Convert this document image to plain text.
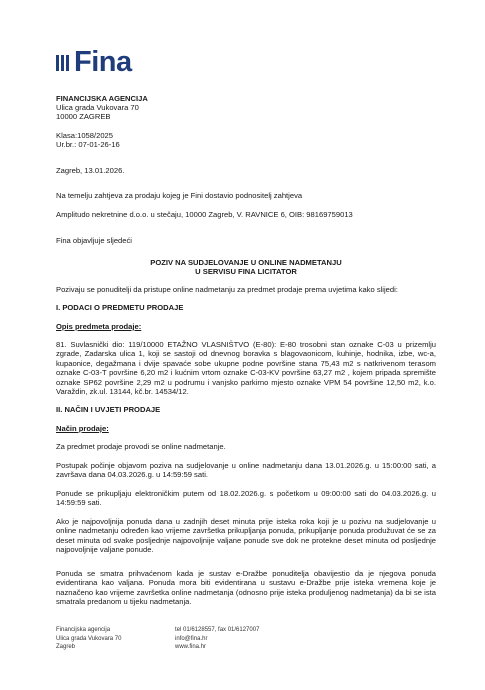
Fina
FINANCIJSKA AGENCIJA
Ulica grada Vukovara 70
10000 ZAGREB
Klasa:1058/2025
Ur.br.: 07-01-26-16
Zagreb, 13.01.2026.
Na temelju zahtjeva za prodaju kojeg je Fini dostavio podnositelj zahtjeva
Amplitudo nekretnine d.o.o. u stečaju, 10000 Zagreb, V. RAVNICE 6, OIB: 98169759013
Fina objavljuje sljedeći
POZIV NA SUDJELOVANJE U ONLINE NADMETANJU
U SERVISU FINA LICITATOR
Pozivaju se ponuditelji da pristupe online nadmetanju za predmet prodaje prema uvjetima kako slijedi:
I. PODACI O PREDMETU PRODAJE
Opis predmeta prodaje:
81. Suvlasnički dio: 119/10000 ETAŽNO VLASNIŠTVO (E-80): E-80 trosobni stan oznake C-03 u prizemlju zgrade, Zadarska ulica 1, koji se sastoji od dnevnog boravka s blagovaonicom, kuhinje, hodnika, izbe, wc-a, kupaonice, degažmana i dvije spavaće sobe ukupne podne površine stana 75,43 m2 s natkrivenom terasom oznake C-03-T površine 6,20 m2 i kućnim vrtom oznake C-03-KV površine 63,27 m2 , kojem pripada spremište oznake SP62 površine 2,29 m2 u podrumu i vanjsko parkirno mjesto oznake VPM 54 površine 12,50 m2, k.o. Varaždin, zk.ul. 13144, kč.br. 14534/12.
II. NAČIN I UVJETI PRODAJE
Način prodaje:
Za predmet prodaje provodi se online nadmetanje.
Postupak počinje objavom poziva na sudjelovanje u online nadmetanju dana 13.01.2026.g. u 15:00:00 sati, a završava dana 04.03.2026.g. u 14:59:59 sati.
Ponude se prikupljaju elektroničkim putem od 18.02.2026.g. s početkom u 09:00:00 sati do 04.03.2026.g. u 14:59:59 sati.
Ako je najpovoljnija ponuda dana u zadnjih deset minuta prije isteka roka koji je u pozivu na sudjelovanje u online nadmetanju određen kao vrijeme završetka prikupljanja ponuda, prikupljanje ponuda produžuvat će se za deset minuta od svake posljednje najpovoljnije valjane ponude sve dok ne protekne deset minuta od posljednje najpovoljnije valjane ponude.
Ponuda se smatra prihvaćenom kada je sustav e-Dražbe ponuditelja obavijestio da je njegova ponuda evidentirana kao valjana. Ponuda mora biti evidentirana u sustavu e-Dražbe prije isteka vremena koje je naznačeno kao vrijeme završetka online nadmetanja (odnosno prije isteka produljenog nadmetanja) da bi se ista smatrala predanom u tijeku nadmetanja.
Financijska agencija
Ulica grada Vukovara 70
Zagreb
tel 01/6128557, fax 01/6127007
info@fina.hr
www.fina.hr
